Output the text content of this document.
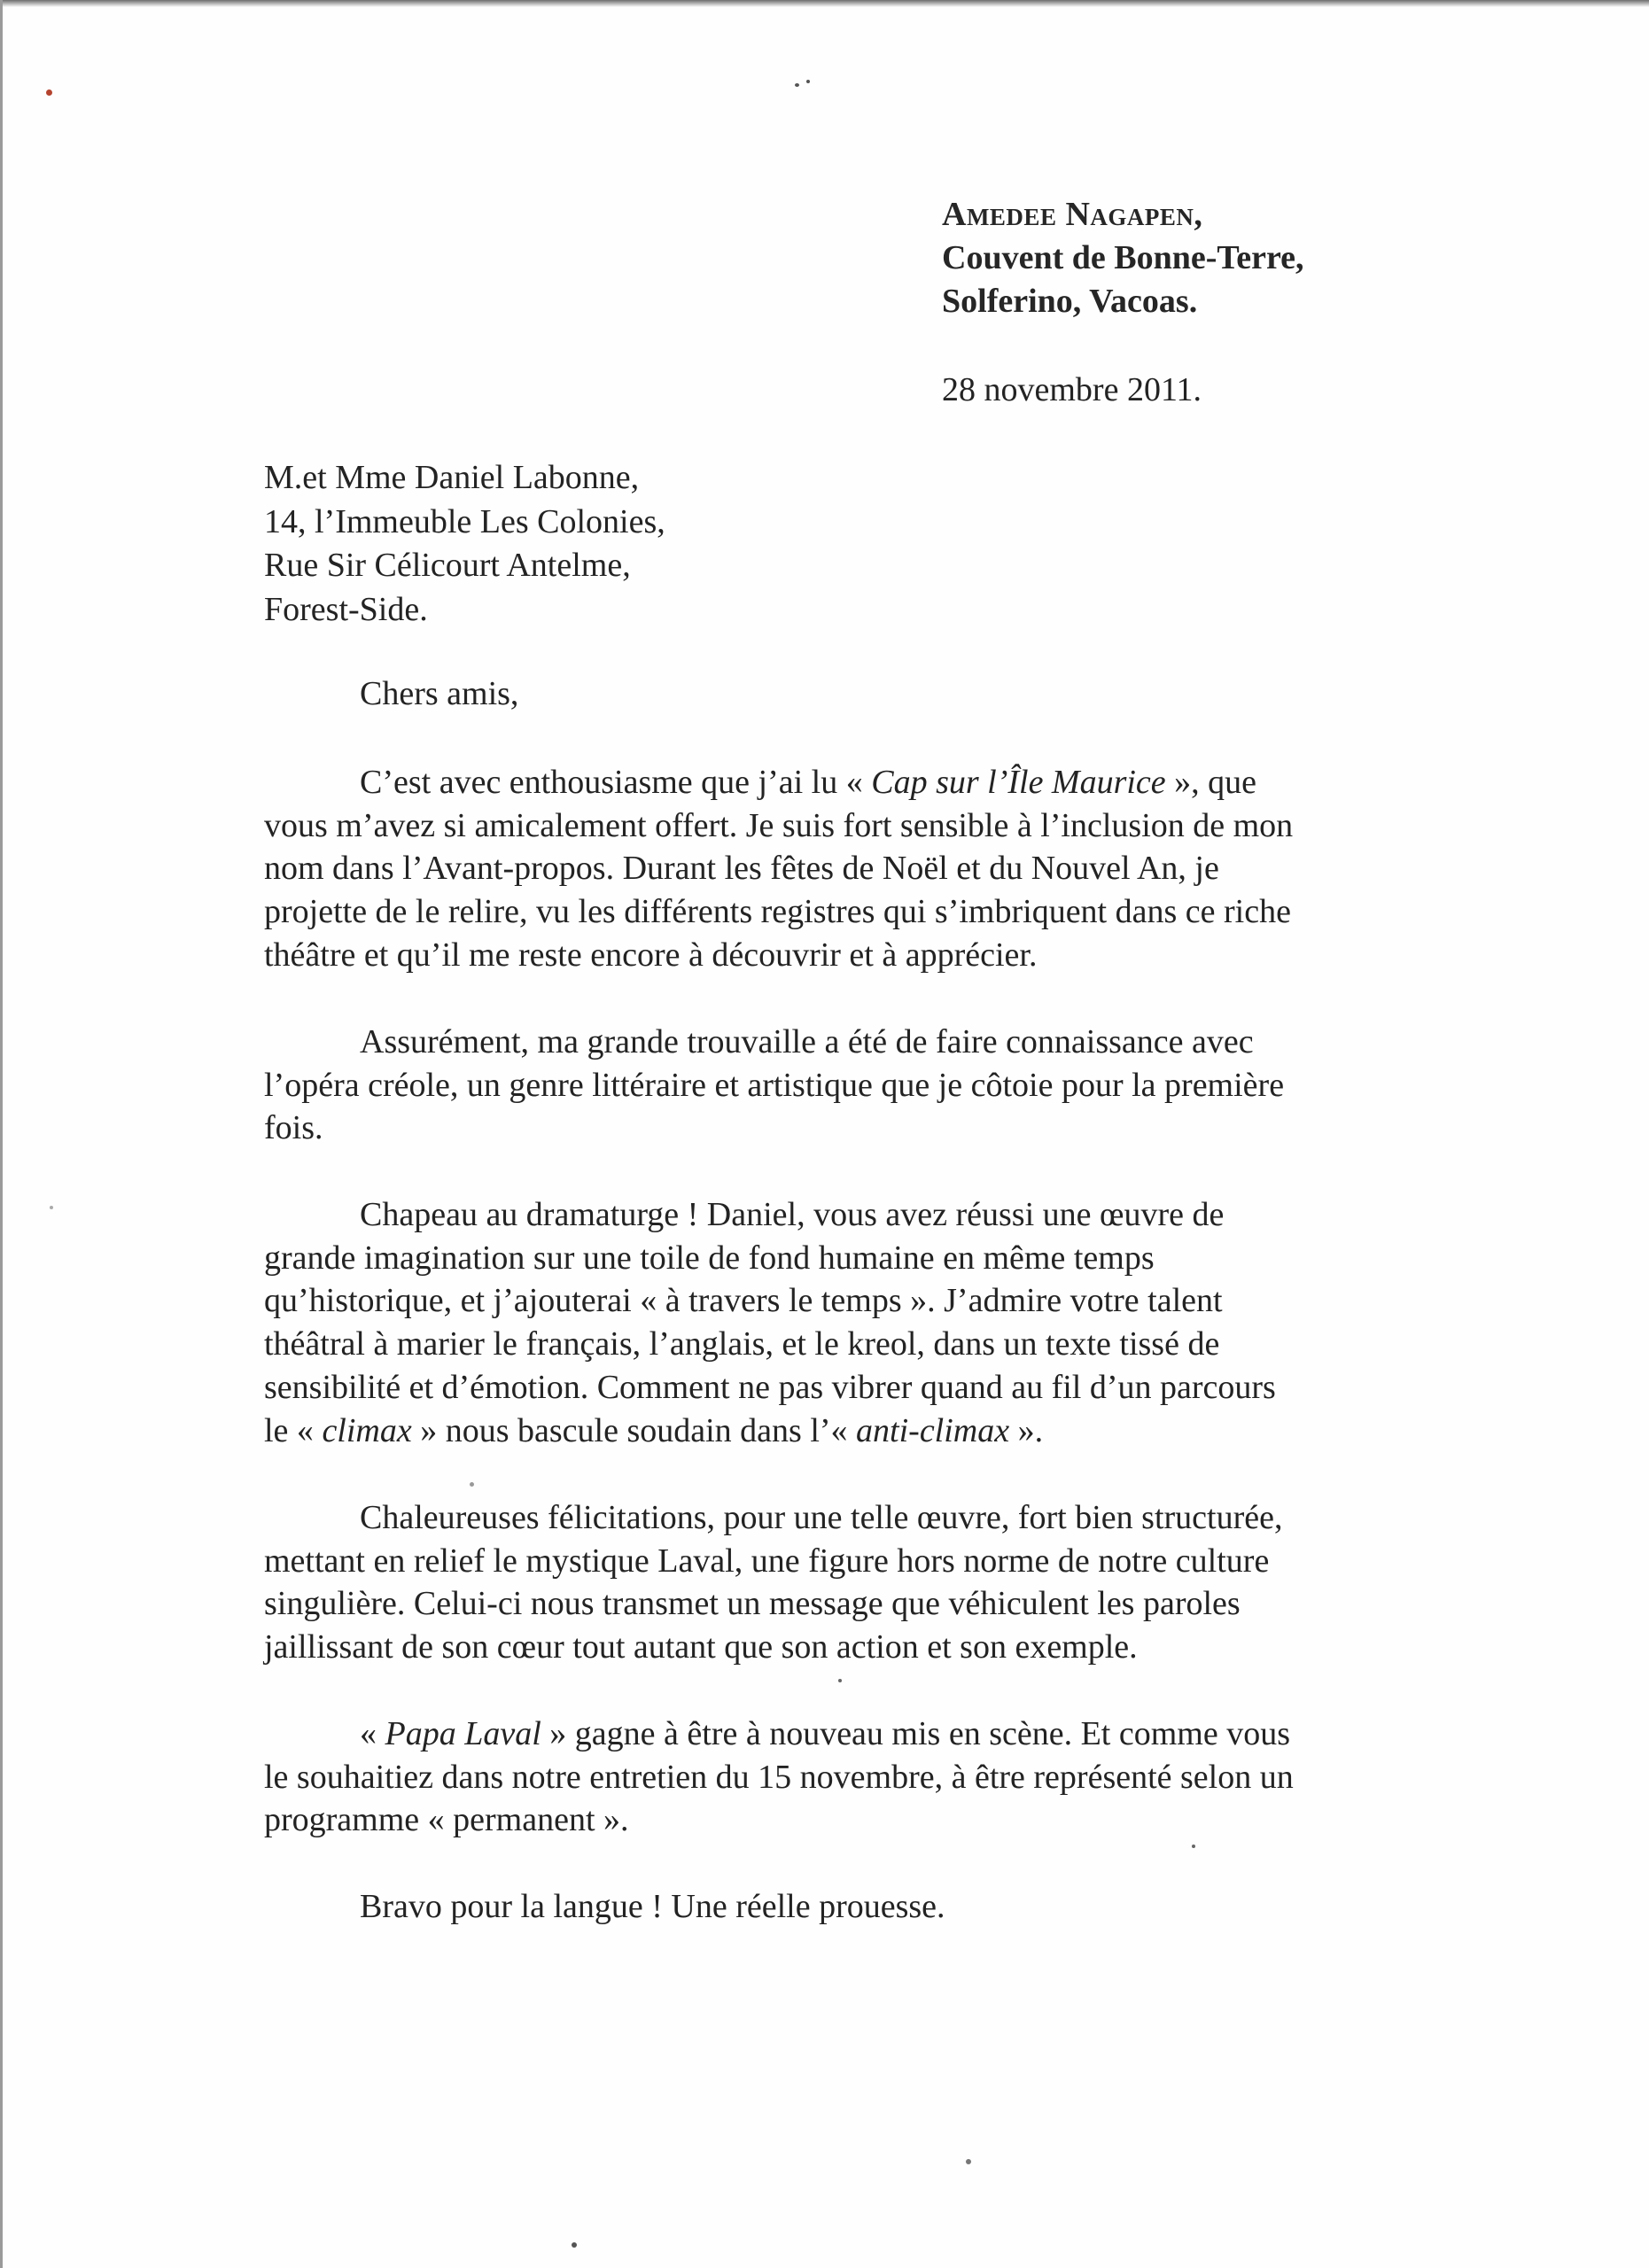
Amedee Nagapen,
Couvent de Bonne-Terre,
Solferino, Vacoas.
28 novembre 2011.
M.et Mme Daniel Labonne,
14, l’Immeuble Les Colonies,
Rue Sir Célicourt Antelme,
Forest-Side.
Chers amis,
C’est avec enthousiasme que j’ai lu « Cap sur l’Île Maurice », que
vous m’avez si amicalement offert. Je suis fort sensible à l’inclusion de mon
nom dans l’Avant-propos. Durant les fêtes de Noël et du Nouvel An, je
projette de le relire, vu les différents registres qui s’imbriquent dans ce riche
théâtre et qu’il me reste encore à découvrir et à apprécier.
Assurément, ma grande trouvaille a été de faire connaissance avec
l’opéra créole, un genre littéraire et artistique que je côtoie pour la première
fois.
Chapeau au dramaturge ! Daniel, vous avez réussi une œuvre de
grande imagination sur une toile de fond humaine en même temps
qu’historique, et j’ajouterai « à travers le temps ». J’admire votre talent
théâtral à marier le français, l’anglais, et le kreol, dans un texte tissé de
sensibilité et d’émotion. Comment ne pas vibrer quand au fil d’un parcours
le « climax » nous bascule soudain dans l’« anti-climax ».
Chaleureuses félicitations, pour une telle œuvre, fort bien structurée,
mettant en relief le mystique Laval, une figure hors norme de notre culture
singulière. Celui-ci nous transmet un message que véhiculent les paroles
jaillissant de son cœur tout autant que son action et son exemple.
« Papa Laval » gagne à être à nouveau mis en scène. Et comme vous
le souhaitiez dans notre entretien du 15 novembre, à être représenté selon un
programme « permanent ».
Bravo pour la langue ! Une réelle prouesse.
